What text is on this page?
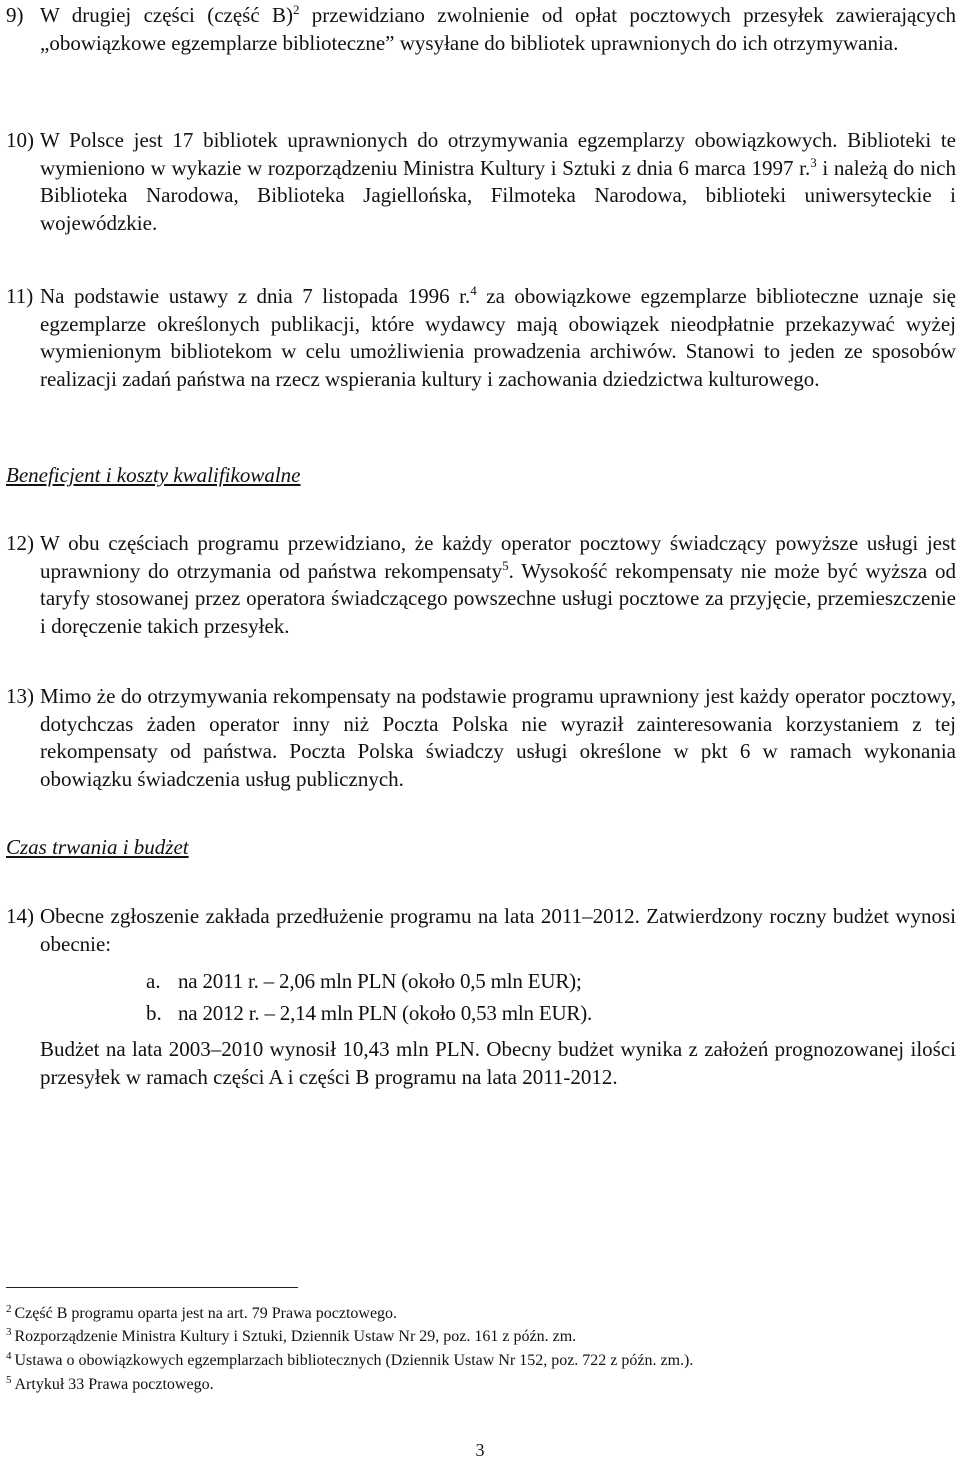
9) W drugiej części (część B)$^2$ przewidziano zwolnienie od opłat pocztowych przesyłek zawierających „obowiązkowe egzemplarze biblioteczne” wysyłane do bibliotek uprawnionych do ich otrzymywania.
10) W Polsce jest 17 bibliotek uprawnionych do otrzymywania egzemplarzy obowiązkowych. Biblioteki te wymieniono w wykazie w rozporządzeniu Ministra Kultury i Sztuki z dnia 6 marca 1997 r.$^3$ i należą do nich Biblioteka Narodowa, Biblioteka Jagiellońska, Filmoteka Narodowa, biblioteki uniwersyteckie i wojewódzkie.
11) Na podstawie ustawy z dnia 7 listopada 1996 r.$^4$ za obowiązkowe egzemplarze biblioteczne uznaje się egzemplarze określonych publikacji, które wydawcy mają obowiązek nieodpłatnie przekazywać wyżej wymienionym bibliotekom w celu umożliwienia prowadzenia archiwów. Stanowi to jeden ze sposobów realizacji zadań państwa na rzecz wspierania kultury i zachowania dziedzictwa kulturowego.
Beneficjent i koszty kwalifikowalne
12) W obu częściach programu przewidziano, że każdy operator pocztowy świadczący powyższe usługi jest uprawniony do otrzymania od państwa rekompensaty$^5$. Wysokość rekompensaty nie może być wyższa od taryfy stosowanej przez operatora świadczącego powszechne usługi pocztowe za przyjęcie, przemieszczenie i doręczenie takich przesyłek.
13) Mimo że do otrzymywania rekompensaty na podstawie programu uprawniony jest każdy operator pocztowy, dotychczas żaden operator inny niż Poczta Polska nie wyraził zainteresowania korzystaniem z tej rekompensaty od państwa. Poczta Polska świadczy usługi określone w pkt 6 w ramach wykonania obowiązku świadczenia usług publicznych.
Czas trwania i budżet
14) Obecne zgłoszenie zakłada przedłużenie programu na lata 2011–2012. Zatwierdzony roczny budżet wynosi obecnie:
a. na 2011 r. – 2,06 mln PLN (około 0,5 mln EUR);
b. na 2012 r. – 2,14 mln PLN (około 0,53 mln EUR).
Budżet na lata 2003–2010 wynosił 10,43 mln PLN. Obecny budżet wynika z założeń prognozowanej ilości przesyłek w ramach części A i części B programu na lata 2011-2012.
$^2$ Część B programu oparta jest na art. 79 Prawa pocztowego.
$^3$ Rozporządzenie Ministra Kultury i Sztuki, Dziennik Ustaw Nr 29, poz. 161 z późn. zm.
$^4$ Ustawa o obowiązkowych egzemplarzach bibliotecznych (Dziennik Ustaw Nr 152, poz. 722 z późn. zm.).
$^5$ Artykuł 33 Prawa pocztowego.
3
